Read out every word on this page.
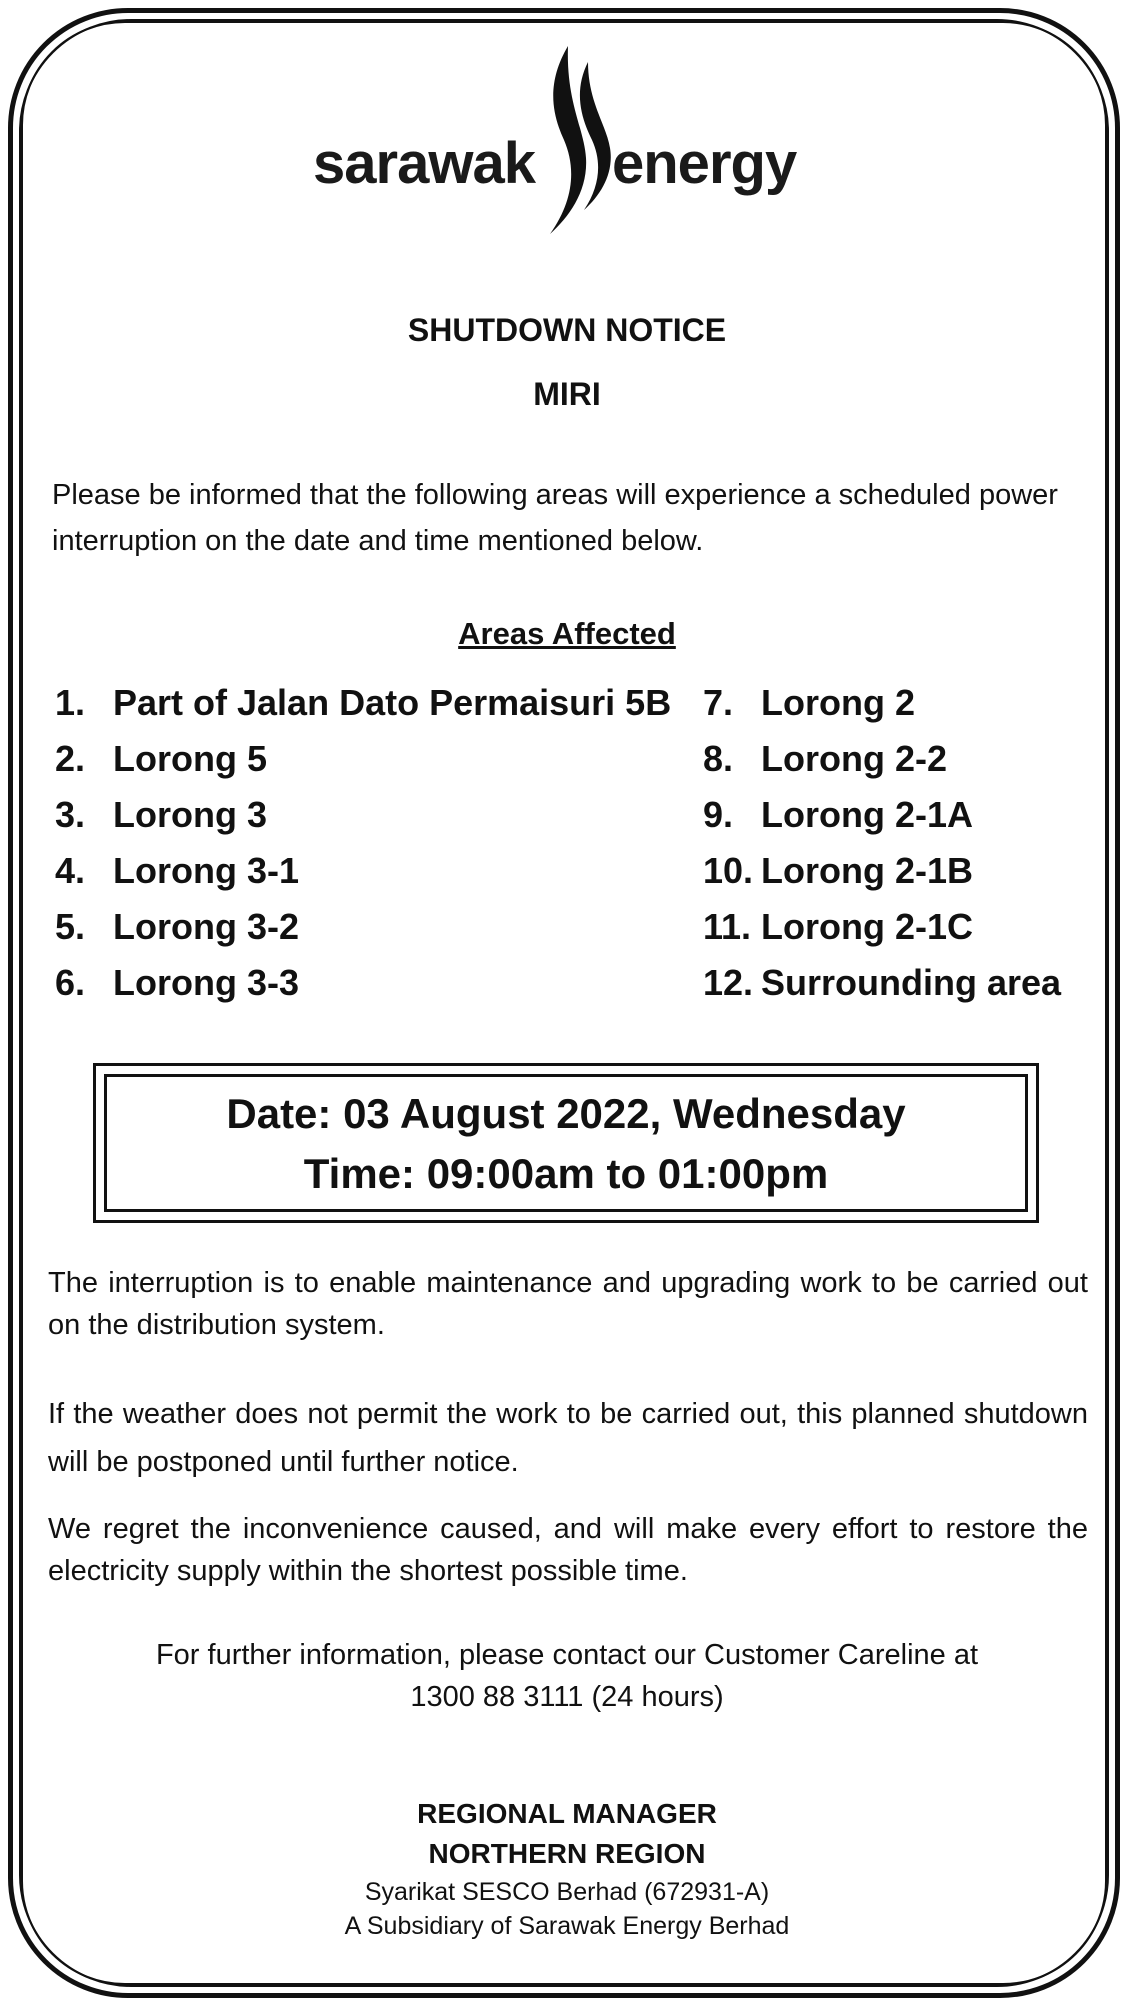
sarawak energy
SHUTDOWN NOTICE
MIRI
Please be informed that the following areas will experience a scheduled power
interruption on the date and time mentioned below.
Areas Affected
1. Part of Jalan Dato Permaisuri 5B
2. Lorong 5
3. Lorong 3
4. Lorong 3-1
5. Lorong 3-2
6. Lorong 3-3
7. Lorong 2
8. Lorong 2-2
9. Lorong 2-1A
10. Lorong 2-1B
11. Lorong 2-1C
12. Surrounding area
Date: 03 August 2022, Wednesday
Time: 09:00am to 01:00pm
The interruption is to enable maintenance and upgrading work to be carried out on the distribution system.
If the weather does not permit the work to be carried out, this planned shutdown will be postponed until further notice.
We regret the inconvenience caused, and will make every effort to restore the electricity supply within the shortest possible time.
For further information, please contact our Customer Careline at
1300 88 3111 (24 hours)
REGIONAL MANAGER
NORTHERN REGION
Syarikat SESCO Berhad (672931-A)
A Subsidiary of Sarawak Energy Berhad
